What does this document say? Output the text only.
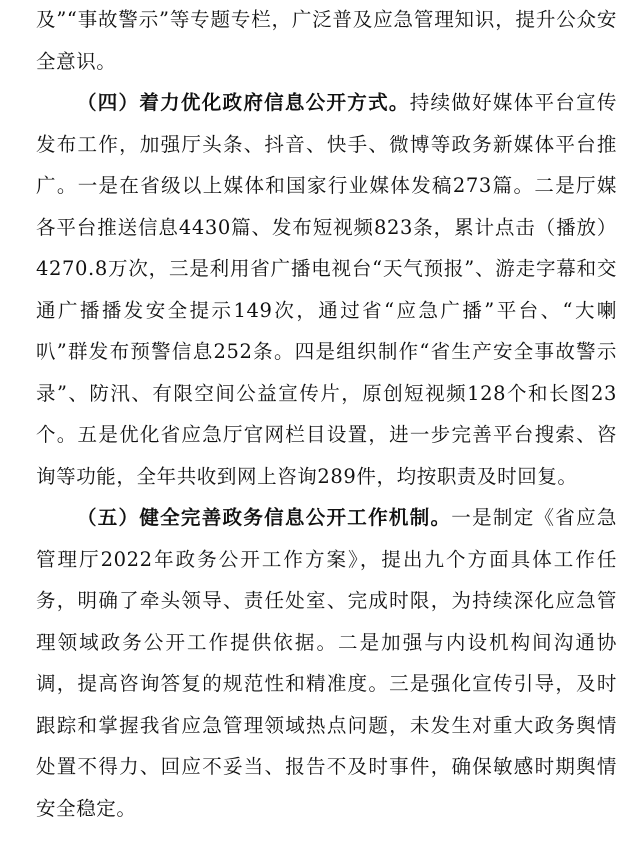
及”“事故警示”等专题专栏，广泛普及应急管理知识，提升公众安全意识。

（四）着力优化政府信息公开方式。持续做好媒体平台宣传发布工作，加强厅头条、抖音、快手、微博等政务新媒体平台推广。一是在省级以上媒体和国家行业媒体发稿273篇。二是厅媒各平台推送信息4430篇、发布短视频823条，累计点击（播放）4270.8万次，三是利用省广播电视台“天气预报”、游走字幕和交通广播播发安全提示149次，通过省“应急广播”平台、“大喇叭”群发布预警信息252条。四是组织制作“省生产安全事故警示录”、防汛、有限空间公益宣传片，原创短视频128个和长图23个。五是优化省应急厅官网栏目设置，进一步完善平台搜索、咨询等功能，全年共收到网上咨询289件，均按职责及时回复。

（五）健全完善政务信息公开工作机制。一是制定《省应急管理厅2022年政务公开工作方案》，提出九个方面具体工作任务，明确了牵头领导、责任处室、完成时限，为持续深化应急管理领域政务公开工作提供依据。二是加强与内设机构间沟通协调，提高咨询答复的规范性和精准度。三是强化宣传引导，及时跟踪和掌握我省应急管理领域热点问题，未发生对重大政务舆情处置不得力、回应不妥当、报告不及时事件，确保敏感时期舆情安全稳定。
